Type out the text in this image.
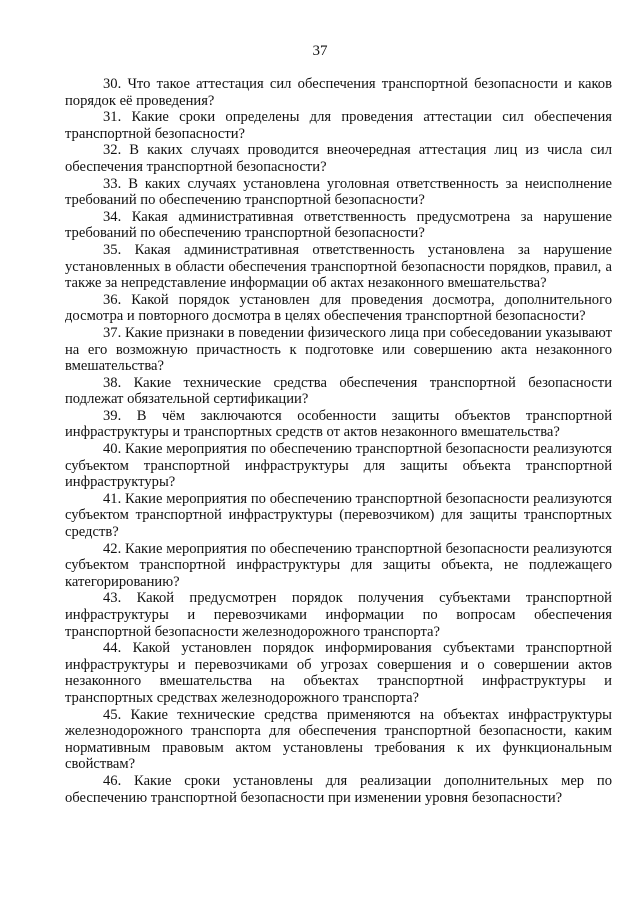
37
30. Что такое аттестация сил обеспечения транспортной безопасности и каков порядок её проведения?
31. Какие сроки определены для проведения аттестации сил обеспечения транспортной безопасности?
32. В каких случаях проводится внеочередная аттестация лиц из числа сил обеспечения транспортной безопасности?
33. В каких случаях установлена уголовная ответственность за неисполнение требований по обеспечению транспортной безопасности?
34. Какая административная ответственность предусмотрена за нарушение требований по обеспечению транспортной безопасности?
35. Какая административная ответственность установлена за нарушение установленных в области обеспечения транспортной безопасности порядков, правил, а также за непредставление информации об актах незаконного вмешательства?
36. Какой порядок установлен для проведения досмотра, дополнительного досмотра и повторного досмотра в целях обеспечения транспортной безопасности?
37. Какие признаки в поведении физического лица при собеседовании указывают на его возможную причастность к подготовке или совершению акта незаконного вмешательства?
38. Какие технические средства обеспечения транспортной безопасности подлежат обязательной сертификации?
39. В чём заключаются особенности защиты объектов транспортной инфраструктуры и транспортных средств от актов незаконного вмешательства?
40. Какие мероприятия по обеспечению транспортной безопасности реализуются субъектом транспортной инфраструктуры для защиты объекта транспортной инфраструктуры?
41. Какие мероприятия по обеспечению транспортной безопасности реализуются субъектом транспортной инфраструктуры (перевозчиком) для защиты транспортных средств?
42. Какие мероприятия по обеспечению транспортной безопасности реализуются субъектом транспортной инфраструктуры для защиты объекта, не подлежащего категорированию?
43. Какой предусмотрен порядок получения субъектами транспортной инфраструктуры и перевозчиками информации по вопросам обеспечения транспортной безопасности железнодорожного транспорта?
44. Какой установлен порядок информирования субъектами транспортной инфраструктуры и перевозчиками об угрозах совершения и о совершении актов незаконного вмешательства на объектах транспортной инфраструктуры и транспортных средствах железнодорожного транспорта?
45. Какие технические средства применяются на объектах инфраструктуры железнодорожного транспорта для обеспечения транспортной безопасности, каким нормативным правовым актом установлены требования к их функциональным свойствам?
46. Какие сроки установлены для реализации дополнительных мер по обеспечению транспортной безопасности при изменении уровня безопасности?
